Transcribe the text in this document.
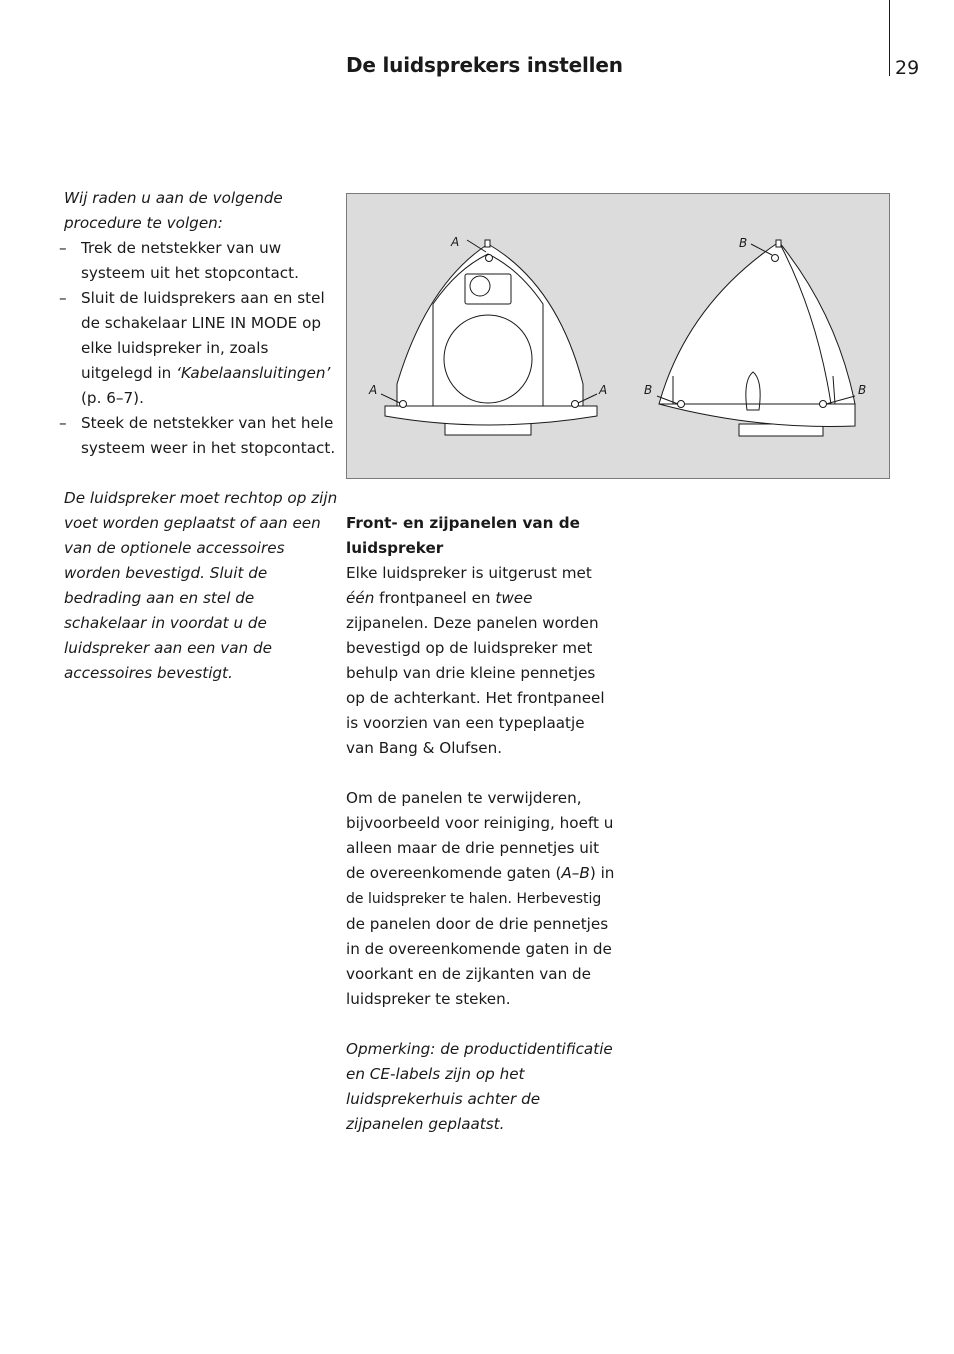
De luidsprekers instellen	29

Wij raden u aan de volgende procedure te volgen:

– Trek de netstekker van uw systeem uit het stopcontact.
– Sluit de luidsprekers aan en stel de schakelaar LINE IN MODE op elke luidspreker in, zoals uitgelegd in ‘Kabelaansluitingen’ (p. 6–7).
– Steek de netstekker van het hele systeem weer in het stopcontact.

De luidspreker moet rechtop op zijn voet worden geplaatst of aan een van de optionele accessoires worden bevestigd. Sluit de bedrading aan en stel de schakelaar in voordat u de luidspreker aan een van de accessoires bevestigt.

A
A	A
B
B	B

Front- en zijpanelen van de luidspreker

Elke luidspreker is uitgerust met één frontpaneel en twee zijpanelen. Deze panelen worden bevestigd op de luidspreker met behulp van drie kleine pennetjes op de achterkant. Het frontpaneel is voorzien van een typeplaatje van Bang & Olufsen.

Om de panelen te verwijderen, bijvoorbeeld voor reiniging, hoeft u alleen maar de drie pennetjes uit de overeenkomende gaten (A–B) in
de luidspreker te halen. Herbevestig
de panelen door de drie pennetjes in de overeenkomende gaten in de voorkant en de zijkanten van de luidspreker te steken.

Opmerking: de productidentificatie en CE-labels zijn op het luidsprekerhuis achter de zijpanelen geplaatst.
